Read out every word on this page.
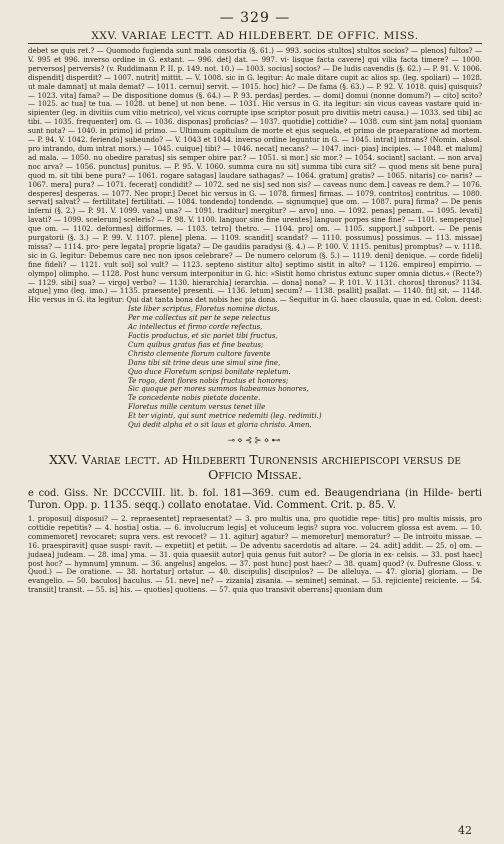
— 329 —
XXV. VARIAE LECTT. AD HILDEBERT. DE OFFIC. MISS.

debet se quis ret.? — Quomodo fugienda sunt mala consortia (§. 61.) — 993. socios stultos] stultos socios? — plenos] fultos? — V. 995 et 996. inverso ordine in G. extant. — 996. det] dat. — 997. vi- lisque facta cavere] qui vilia facta timere? — 1000. perversos] perversis? (v. Ruddimann P. II. p. 149. not. 10.) — 1003. socius] socios? — De ludis cavendis (§. 62.) — P. 91. V. 1006. dispendit] disperdit? — 1007. nutrit] mittit. — V. 1008. sic in G. legitur: Ac male ditare cupit ac alios sp. (leg. spoliari) — 1028. ut male damnat] ut mala demat? — 1011. cernui] servit. — 1015. hoc] hic? — De fama (§. 63.) — P. 92. V. 1018. quis] quisquis? — 1023. vita] fama? — De dispositione domus (§. 64.) — P. 93. perdas] perdes. — domi] domui (nonne domum?) — cito] scito? — 1025. ac tua] te tua. — 1028. ut bene] ut non bene. — 1031. Hic versus in G. ita legitur: sin vicus caveas vastare quid in- sipienter (leg. in divitiis cum vitio metrico), vel vicus corrupte ipse scriptor posuit pro divitiis metri causa.) — 1033. sed tibi] ac tibi. — 1035. frequenter] om. G. — 1036. disponas] proficias? — 1037. quotidie] cottidie? — 1038. cum sint jam nota] quoniam sunt nota? — 1040. in primo] id primo. — Ultimum capitulum de morte et ejus sequela, et primo de praeparatione ad mortem. — P. 94. V. 1042. feriendo] subeundo? — V. 1043 et 1044. inverso ordine leguntur in G. — 1045. intrat] intrans? (Nomin. absol. pro intrando, dum intrat mors.) — 1045. cuique] tibi? — 1046. necat] necans? — 1047. inci- pias] incipies. — 1048. et malum] ad mala. — 1050. nu obedire paratus] sis semper obire par.? — 1051. si mor.] sic mor.? — 1054. sociant] saciant. — non arva] noc arva? — 1056. punctus] punitus. — P. 95. V. 1060. summa cura nu sit] summa tibi cura sit? — quod mens sit bene pura] quod m. sit tibi bene pura? — 1061. rogare satagas] laudare sathagas? — 1064. gratum] gratis? — 1065. nitaris] co- naris? — 1067. mera] pura? — 1071. fecerat] condidit? — 1072. sed ne sis] sed non sis? — caveas nunc dem.] caveas re dem.? — 1076. desperes] desperas. — 1077. Nec propr.] Decet hic versus in G. — 1078. firmes] firmas. — 1079. contritos] contritus. — 1080. servat] salvat? — fertilitate] fertilitati. — 1084. tondendo] tondendo. — signumque] que om. — 1087. pura] firma? — De penis inferni (§. 2.) — P. 91. V. 1099. vana] una? — 1091. traditur] mergitur? — arvo] uno. — 1092. penas] penam. — 1095. levati] lavati? — 1099. scelerum] sceleris? — P. 98. V. 1100. languor sine fine urentes] languor porpes sine fine? — 1101. semperque] que om. — 1102. deformes] difformes. — 1103. tetro] thetro. — 1104. pro] om. — 1105. support.] subport. — De penis purgatorii (§. 3.) — P. 99. V. 1107. plene] plena. — 1109. scandit] scandat? — 1110. possumus] possimus. — 113. missae] missa? — 1114. pro- pere legata] proprie ligata? — De gaudiis paradysi (§. 4.) — P. 100. V. 1115. penitus] promptus? — v. 1118. sic in G. legitur: Debemus care nec non ipsos celebrare? — De numero celorum (§. 5.) — 1119. deni] denique. — corde fideli] fine fideli? — 1121. vult sol] sol vult? — 1123. septeno sistitur alto] septimo sistit in alto? — 1126. empireo] empirrio. — olympo] olimpho. — 1128. Post hunc versum interponitur in G. hic: »Sistit homo christus extunc super omnia dictus.« (Recte?) — 1129. sibi] sua? — virgo] verbo? — 1130. hierarchia] ierarchia. — dona] nona? — P. 101. V. 1131. choros] thronus? 1134. atque] ymo (leg. imo.) — 1135. praesente] presenti. — 1136. letum] secum? — 1138. psallit] psallat. — 1140. fit] sit. — 1148. Hic versus in G. ita legitur: Qui dat tanta bona det nobis hec pia dona. — Sequitur in G. haec clausula, quae in ed. Colon. deest:

Iste liber scriptus, Floretus nomine dictus,
Per me collectus sit per te sepe relectus
Ac intellectus et firmo corde refectus,
Factis productus, et sic pariet tibi fructus,
Cum quibus gratus fias et fine beatus;
Christo clemente florum cultore favente
Dans tibi sit trine deus unе simul sine fine,
Quo duce Floretum scripsi bonitate repletum.
Te rogo, dent flores nobis fructus et honores;
Sic quoque per mores summos habeamus honores,
Te concedente nobis pietate docente.
Floretus mille centum versus tenet ille
Et ter viginti, qui sunt metrice redemiti (leg. redimiti.)
Qui dedit alpha et o sit laus et gloria christo. Amen.
⊸⋄⊰⊱⋄⊷
XXV. Variae lectt. ad Hildeberti Turonensis archiepiscopi versus de
Officio Missae.

e cod. Giss. Nr. DCCCVIII. lit. b. fol. 181—369. cum ed. Beaugendriana (in Hilde- berti Turon. Opp. p. 1135. seqq.) collato enotatae. Vid. Comment. Crit. p. 85. V.

1. proposui] disposui? — 2. repraesentet] repraesentat? — 3. pro multis una, pro quotidie repe- titis] pro multis missis, pro cottidie repetitis? — 4. hostia] ostia. — 6. involucrum legis] et voluceum legis? supra voc. volucrem glossa est avem. — 10. commemoret] revocaret; supra vers. est revocet? — 11. agitur] agatur? — memoretur] memoratur? — De introitu missae. — 16. praespiravit] quae suspi- ravit. — expetiit] et petiit. — De adventu sacerdotis ad altare. — 24. adit] addit. — 25. o] om. — judaea] judeam. — 28. ima] yma. — 31. quia quaesiit autor] quia genus fuit autor? — De gloria in ex- celsis. — 33. post haec] post hoc? — hymnum] ymnum. — 36. angelus] angelos. — 37. post hunc] post haec? — 38. quam] quod? (v. Dufresne Gloss. v. Quod.) — De oratione. — 38. hortatur] ortatur. — 40. discipulis] discipulos? — De alleluya. — 47. gloria] gloriam. — De evangelio. — 50. baculos] baculus. — 51. neve] ne? — zizania] zisania. — seminet] seminat. — 53. rejiciente] reiciente. — 54. transiit] transit. — 55. is] his. — quoties] quotiens. — 57. quia quo transivit oberrans] quoniam dum

42
